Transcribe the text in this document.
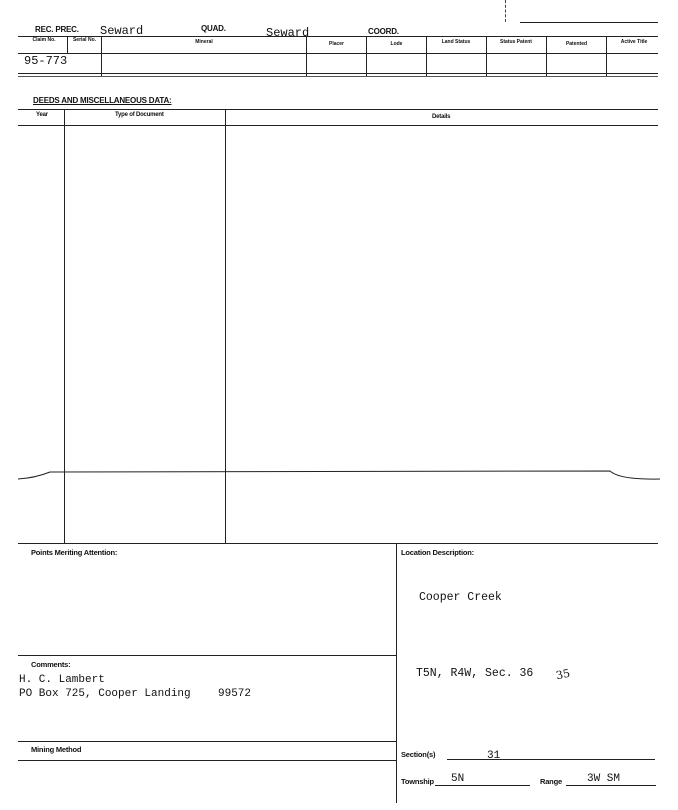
REC. PREC. Seward	QUAD.	Seward	COORD.
Claim No.	Serial No.	Mineral	Placer	Lode	Land Status	Status Patent	Patented	Active Title
95-773
DEEDS AND MISCELLANEOUS DATA:
Year	Type of Document	Details
Points Meriting Attention:	Location Description:
Cooper Creek
Comments:
H. C. Lambert
PO Box 725, Cooper Landing 99572
T5N, R4W, Sec. 36 35
Mining Method
Section(s)	31
Township 5N	Range 3W SM
